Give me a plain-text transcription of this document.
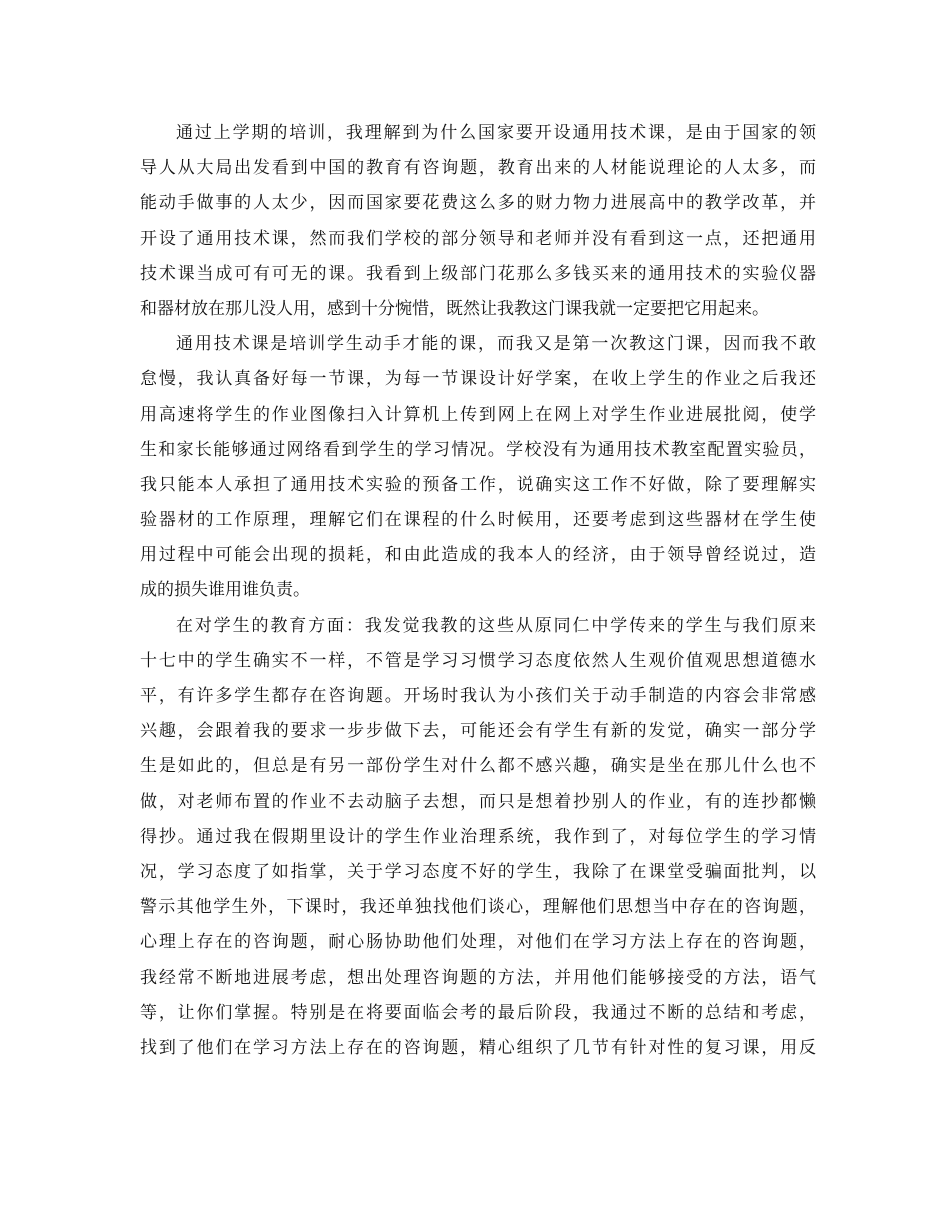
通过上学期的培训，我理解到为什么国家要开设通用技术课，是由于国家的领
导人从大局出发看到中国的教育有咨询题，教育出来的人材能说理论的人太多，而
能动手做事的人太少，因而国家要花费这么多的财力物力进展高中的教学改革，并
开设了通用技术课，然而我们学校的部分领导和老师并没有看到这一点，还把通用
技术课当成可有可无的课。我看到上级部门花那么多钱买来的通用技术的实验仪器
和器材放在那儿没人用，感到十分惋惜，既然让我教这门课我就一定要把它用起来。
通用技术课是培训学生动手才能的课，而我又是第一次教这门课，因而我不敢
怠慢，我认真备好每一节课，为每一节课设计好学案，在收上学生的作业之后我还
用高速将学生的作业图像扫入计算机上传到网上在网上对学生作业进展批阅，使学
生和家长能够通过网络看到学生的学习情况。学校没有为通用技术教室配置实验员，
我只能本人承担了通用技术实验的预备工作，说确实这工作不好做，除了要理解实
验器材的工作原理，理解它们在课程的什么时候用，还要考虑到这些器材在学生使
用过程中可能会出现的损耗，和由此造成的我本人的经济，由于领导曾经说过，造
成的损失谁用谁负责。
在对学生的教育方面：我发觉我教的这些从原同仁中学传来的学生与我们原来
十七中的学生确实不一样，不管是学习习惯学习态度依然人生观价值观思想道德水
平，有许多学生都存在咨询题。开场时我认为小孩们关于动手制造的内容会非常感
兴趣，会跟着我的要求一步步做下去，可能还会有学生有新的发觉，确实一部分学
生是如此的，但总是有另一部份学生对什么都不感兴趣，确实是坐在那儿什么也不
做，对老师布置的作业不去动脑子去想，而只是想着抄别人的作业，有的连抄都懒
得抄。通过我在假期里设计的学生作业治理系统，我作到了，对每位学生的学习情
况，学习态度了如指掌，关于学习态度不好的学生，我除了在课堂受骗面批判，以
警示其他学生外，下课时，我还单独找他们谈心，理解他们思想当中存在的咨询题，
心理上存在的咨询题，耐心肠协助他们处理，对他们在学习方法上存在的咨询题，
我经常不断地进展考虑，想出处理咨询题的方法，并用他们能够接受的方法，语气
等，让你们掌握。特别是在将要面临会考的最后阶段，我通过不断的总结和考虑，
找到了他们在学习方法上存在的咨询题，精心组织了几节有针对性的复习课，用反
